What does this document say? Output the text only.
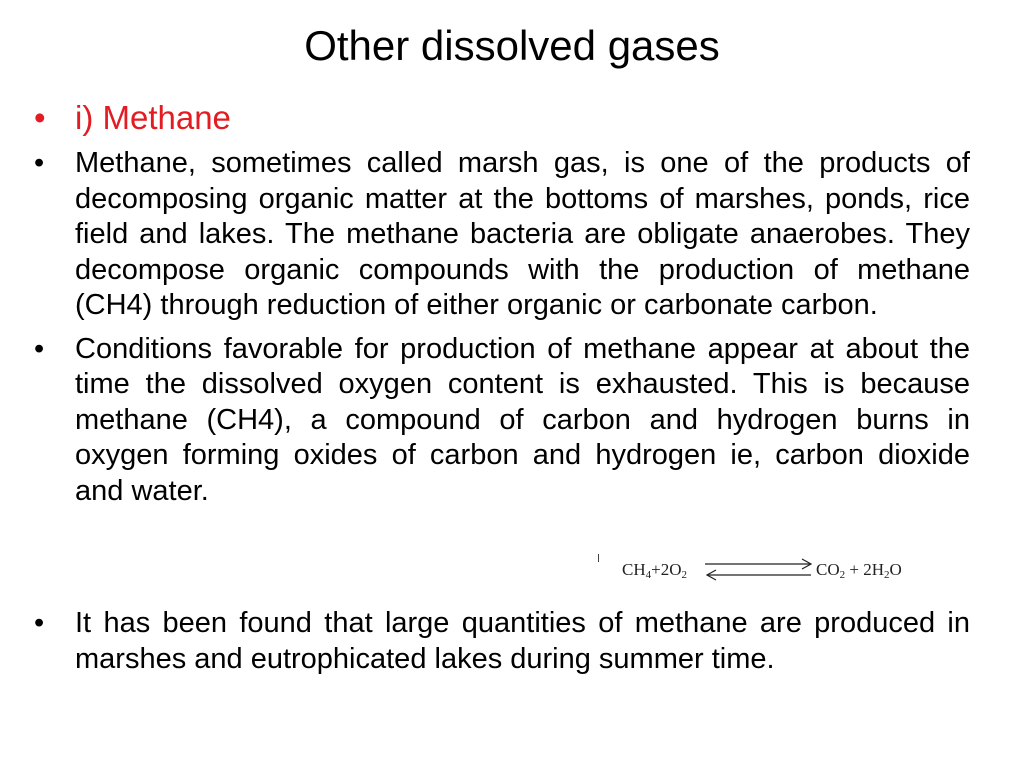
Other dissolved gases

• i) Methane

• Methane, sometimes called marsh gas, is one of the products of decomposing organic matter at the bottoms of marshes, ponds, rice field and lakes. The methane bacteria are obligate anaerobes. They decompose organic compounds with the production of methane (CH4) through reduction of either organic or carbonate carbon.

• Conditions favorable for production of methane appear at about the time the dissolved oxygen content is exhausted. This is because methane (CH4), a compound of carbon and hydrogen burns in oxygen forming oxides of carbon and hydrogen ie, carbon dioxide and water.

$CH_4+2O_2$	$CO_2 + 2H_2O$

• It has been found that large quantities of methane are produced in marshes and eutrophicated lakes during summer time.
